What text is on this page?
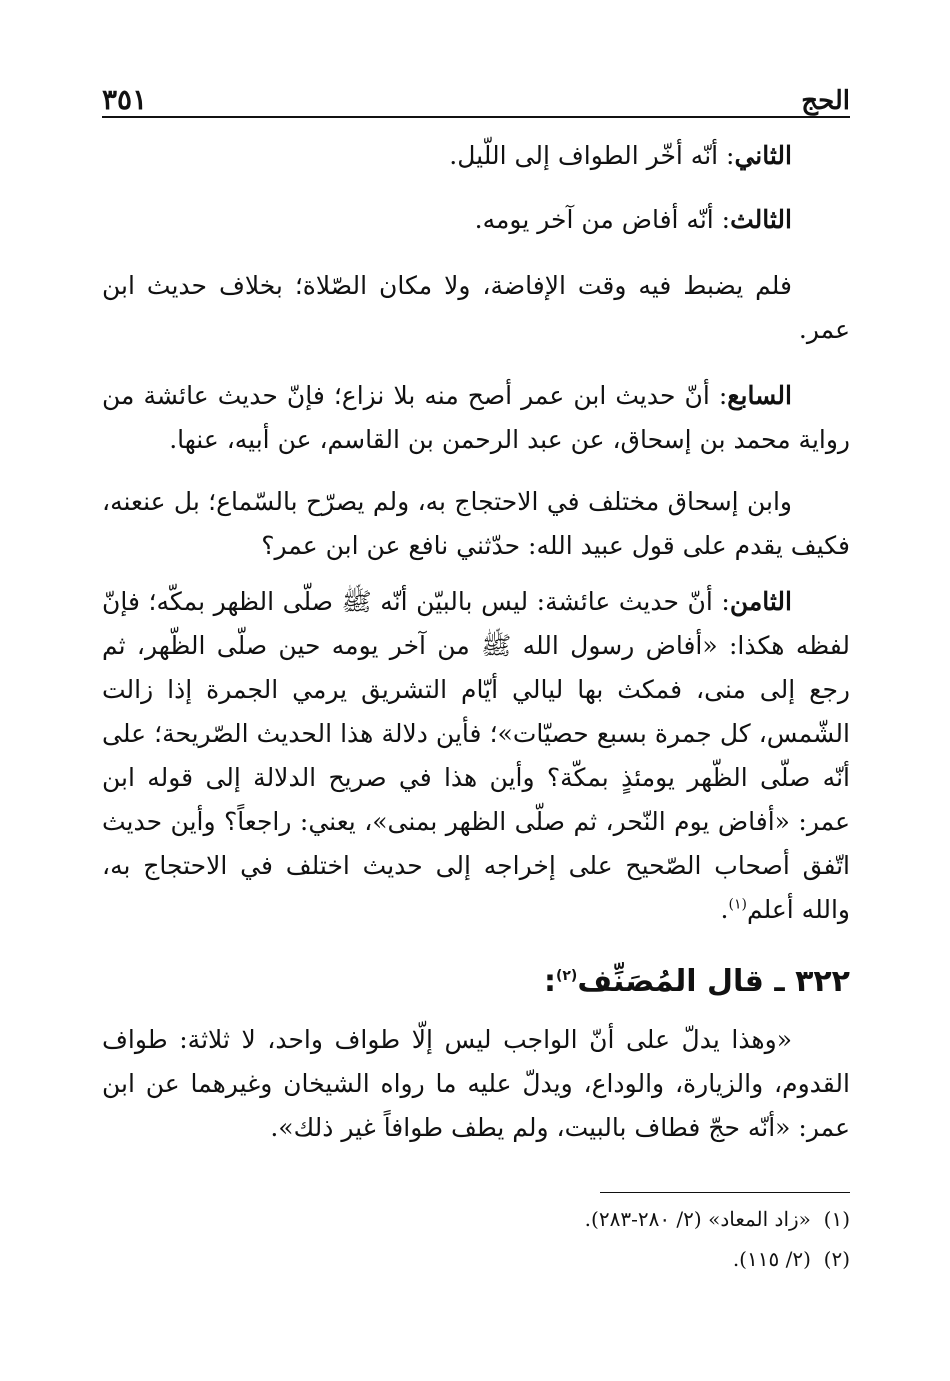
الحج
٣٥١

الثاني: أنّه أخّر الطواف إلى اللّيل.

الثالث: أنّه أفاض من آخر يومه.

فلم يضبط فيه وقت الإفاضة، ولا مكان الصّلاة؛ بخلاف حديث ابن عمر.

السابع: أنّ حديث ابن عمر أصح منه بلا نزاع؛ فإنّ حديث عائشة من رواية محمد بن إسحاق، عن عبد الرحمن بن القاسم، عن أبيه، عنها.

وابن إسحاق مختلف في الاحتجاج به، ولم يصرّح بالسّماع؛ بل عنعنه، فكيف يقدم على قول عبيد الله: حدّثني نافع عن ابن عمر؟

الثامن: أنّ حديث عائشة: ليس بالبيّن أنّه ﷺ صلّى الظهر بمكّه؛ فإنّ لفظه هكذا: «أفاض رسول الله ﷺ من آخر يومه حين صلّى الظّهر، ثم رجع إلى منى، فمكث بها ليالي أيّام التشريق يرمي الجمرة إذا زالت الشّمس، كل جمرة بسبع حصيّات»؛ فأين دلالة هذا الحديث الصّريحة؛ على أنّه صلّى الظّهر يومئذٍ بمكّة؟ وأين هذا في صريح الدلالة إلى قوله ابن عمر: «أفاض يوم النّحر، ثم صلّى الظهر بمنى»، يعني: راجعاً؟ وأين حديث اتّفق أصحاب الصّحيح على إخراجه إلى حديث اختلف في الاحتجاج به، والله أعلم$^{(١)}$.

٣٢٢ ـ قال المُصَنِّف$^{(٢)}$:

«وهذا يدلّ على أنّ الواجب ليس إلّا طواف واحد، لا ثلاثة: طواف القدوم، والزيارة، والوداع، ويدلّ عليه ما رواه الشيخان وغيرهما عن ابن عمر: «أنّه حجّ فطاف بالبيت، ولم يطف طوافاً غير ذلك».

(١)  «زاد المعاد» (٢/ ٢٨٠-٢٨٣).

(٢)  (٢/ ١١٥).
